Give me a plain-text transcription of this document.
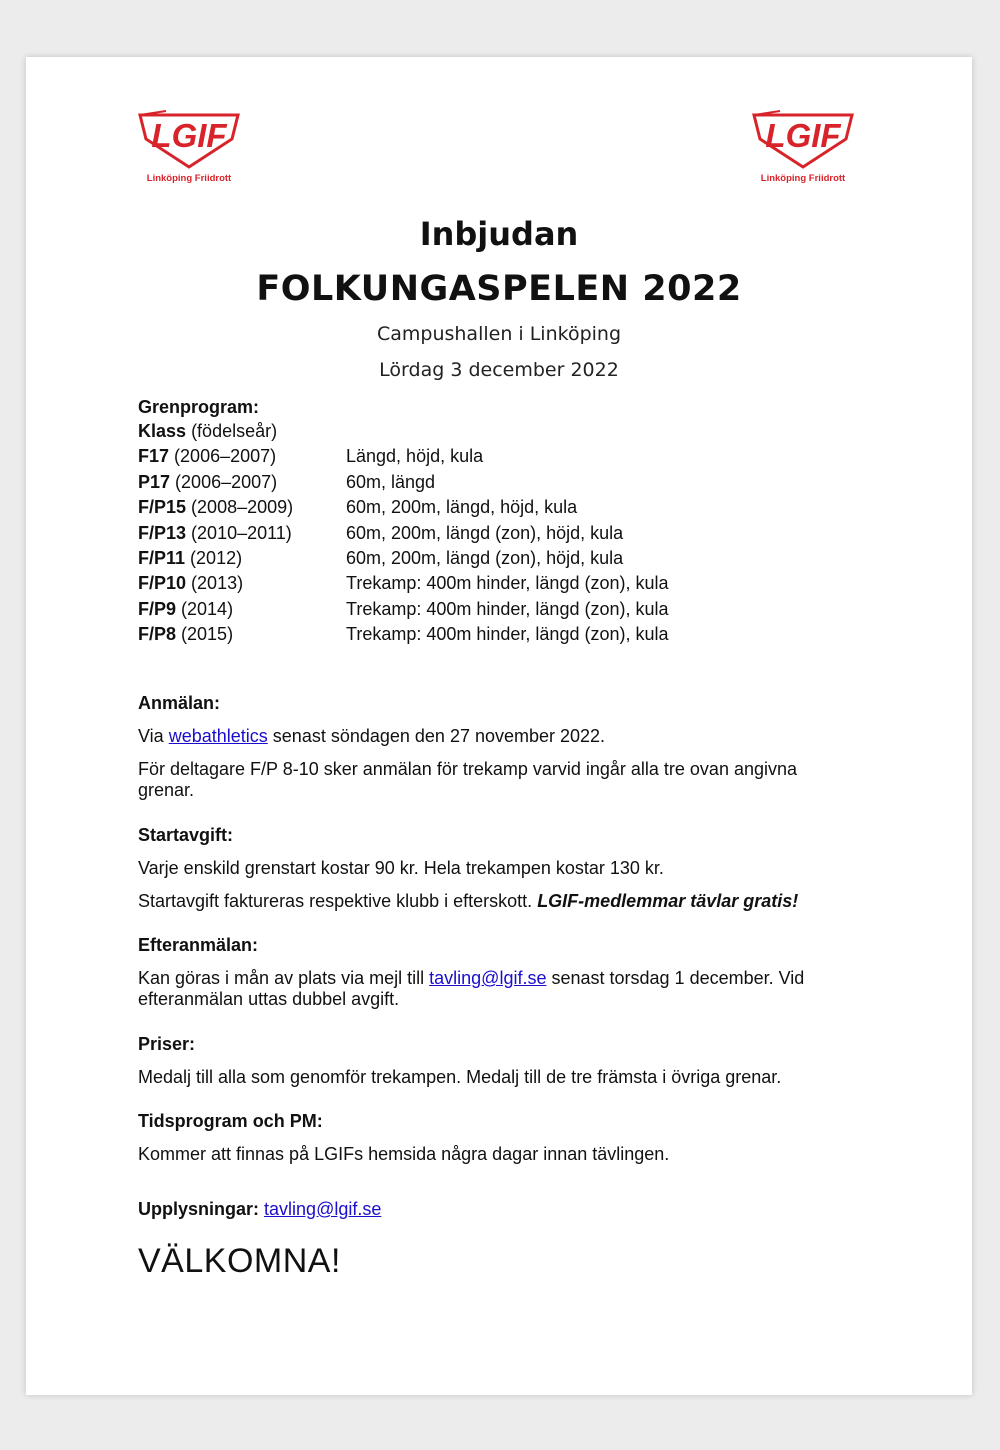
LGIF
Linköping Friidrott
LGIF
Linköping Friidrott
Inbjudan
FOLKUNGASPELEN 2022
Campushallen i Linköping
Lördag 3 december 2022
Grenprogram:
Klass (födelseår)
F17 (2006–2007)	Längd, höjd, kula
P17 (2006–2007)	60m, längd
F/P15 (2008–2009)	60m, 200m, längd, höjd, kula
F/P13 (2010–2011)	60m, 200m, längd (zon), höjd, kula
F/P11 (2012)	60m, 200m, längd (zon), höjd, kula
F/P10 (2013)	Trekamp: 400m hinder, längd (zon), kula
F/P9 (2014)	Trekamp: 400m hinder, längd (zon), kula
F/P8 (2015)	Trekamp: 400m hinder, längd (zon), kula
Anmälan:
Via webathletics senast söndagen den 27 november 2022.
För deltagare F/P 8-10 sker anmälan för trekamp varvid ingår alla tre ovan angivna grenar.
Startavgift:
Varje enskild grenstart kostar 90 kr. Hela trekampen kostar 130 kr.
Startavgift faktureras respektive klubb i efterskott. LGIF-medlemmar tävlar gratis!
Efteranmälan:
Kan göras i mån av plats via mejl till tavling@lgif.se senast torsdag 1 december. Vid efteranmälan uttas dubbel avgift.
Priser:
Medalj till alla som genomför trekampen. Medalj till de tre främsta i övriga grenar.
Tidsprogram och PM:
Kommer att finnas på LGIFs hemsida några dagar innan tävlingen.
Upplysningar: tavling@lgif.se
VÄLKOMNA!
